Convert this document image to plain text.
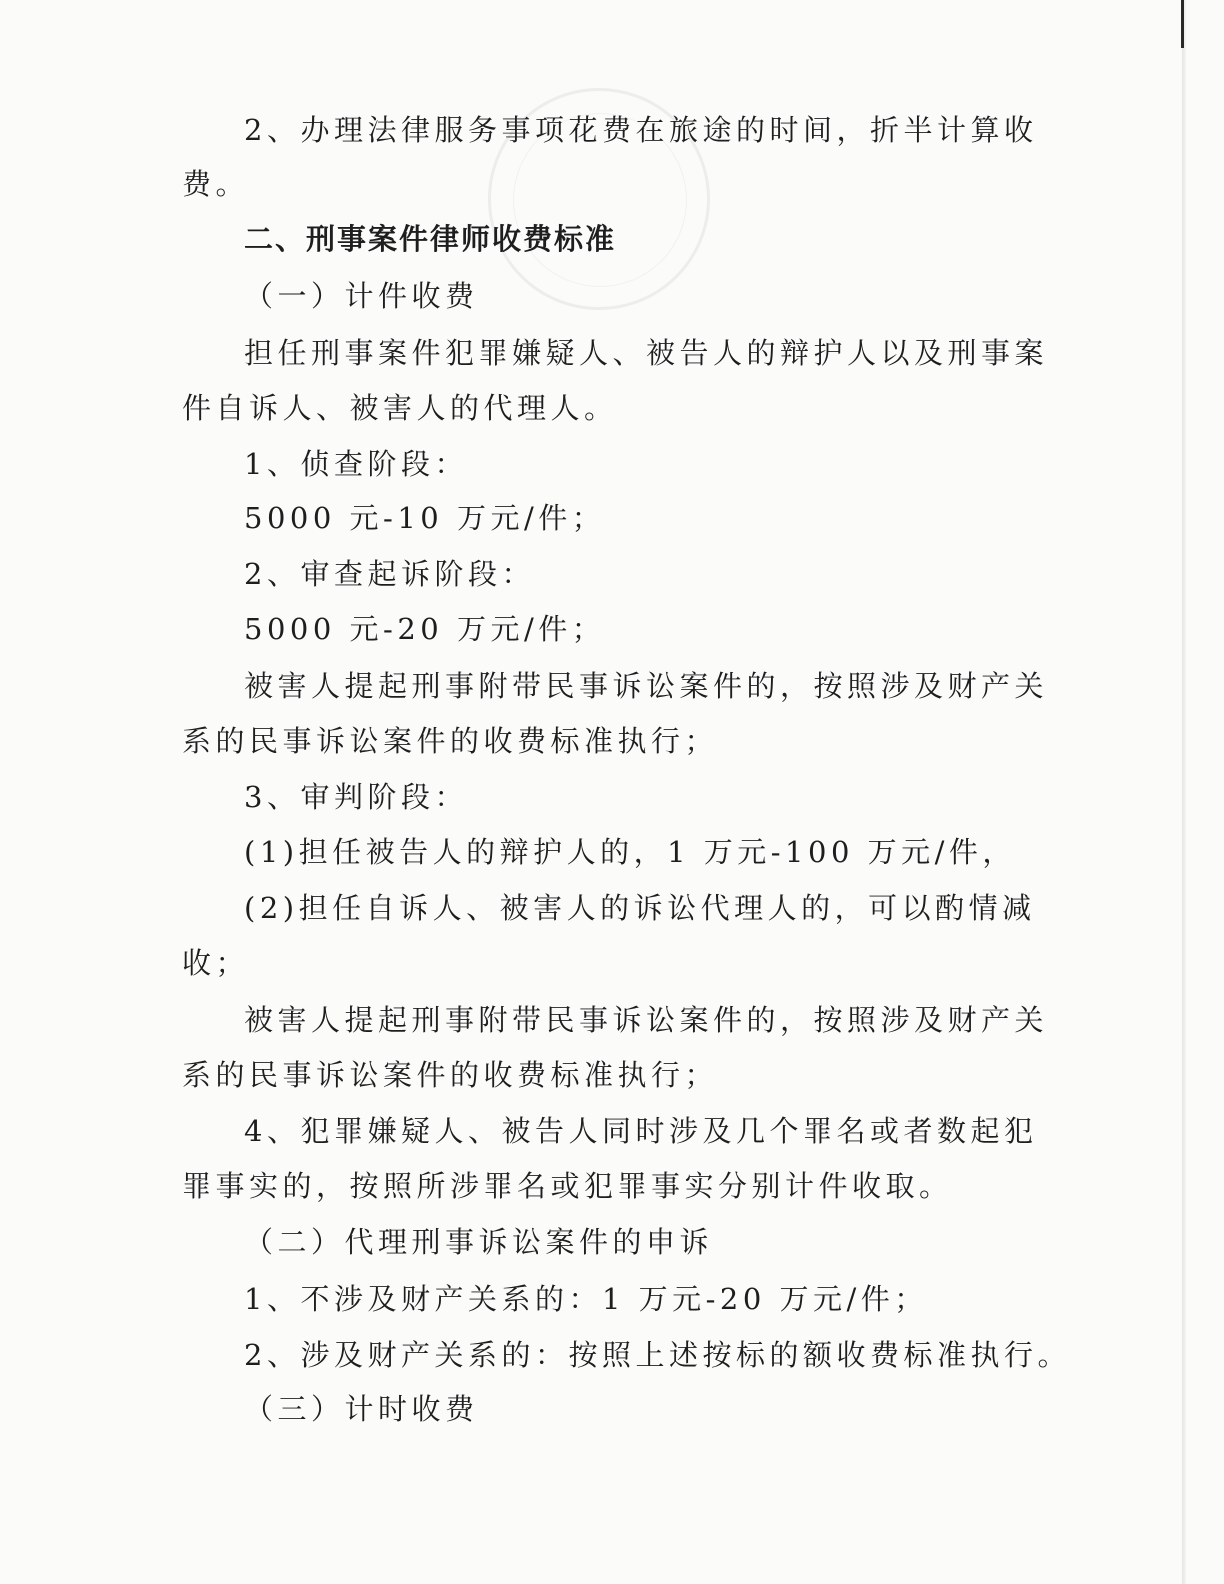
2、办理法律服务事项花费在旅途的时间，折半计算收
费。
二、刑事案件律师收费标准
（一）计件收费
担任刑事案件犯罪嫌疑人、被告人的辩护人以及刑事案
件自诉人、被害人的代理人。
1、侦查阶段：
5000 元-10 万元/件；
2、审查起诉阶段：
5000 元-20 万元/件；
被害人提起刑事附带民事诉讼案件的，按照涉及财产关
系的民事诉讼案件的收费标准执行；
3、审判阶段：
(1)担任被告人的辩护人的，1 万元-100 万元/件，
(2)担任自诉人、被害人的诉讼代理人的，可以酌情减
收；
被害人提起刑事附带民事诉讼案件的，按照涉及财产关
系的民事诉讼案件的收费标准执行；
4、犯罪嫌疑人、被告人同时涉及几个罪名或者数起犯
罪事实的，按照所涉罪名或犯罪事实分别计件收取。
（二）代理刑事诉讼案件的申诉
1、不涉及财产关系的：1 万元-20 万元/件；
2、涉及财产关系的：按照上述按标的额收费标准执行。
（三）计时收费
